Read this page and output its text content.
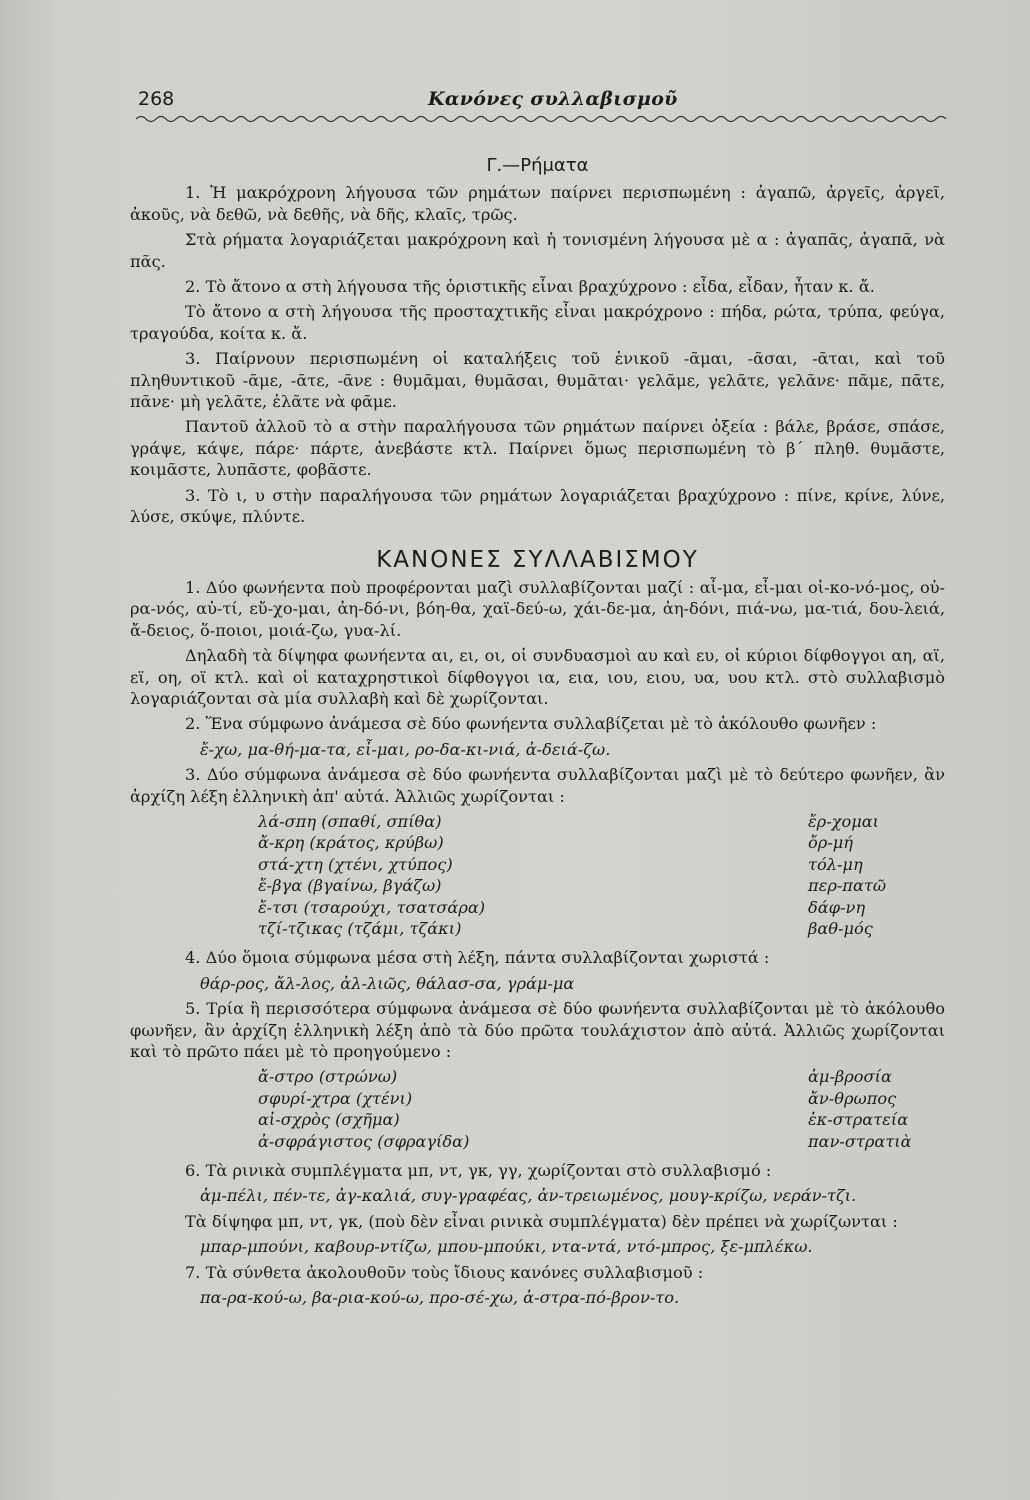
268	Κανόνες συλλαβισμοῦ
Γ.—Ρήματα

1. Ἡ μακρόχρονη λήγουσα τῶν ρημάτων παίρνει περισπωμένη : ἀγαπῶ, ἀργεῖς, ἀργεῖ, ἀκοῦς, νὰ δεθῶ, νὰ δεθῆς, νὰ δῆς, κλαῖς, τρῶς.

Στὰ ρήματα λογαριάζεται μακρόχρονη καὶ ἡ τονισμένη λήγουσα μὲ α : ἀγαπᾶς, ἀγαπᾶ, νὰ πᾶς.

2. Τὸ ἄτονο α στὴ λήγουσα τῆς ὁριστικῆς εἶναι βραχύχρονο : εἶδα, εἶδαν, ἦταν κ. ἄ.

Τὸ ἄτονο α στὴ λήγουσα τῆς προσταχτικῆς εἶναι μακρόχρονο : πήδα, ρώτα, τρύπα, φεύγα, τραγούδα, κοίτα κ. ἄ.

3. Παίρνουν περισπωμένη οἱ καταλήξεις τοῦ ἑνικοῦ -ᾶμαι, -ᾶσαι, -ᾶται, καὶ τοῦ πληθυντικοῦ -ᾶμε, -ᾶτε, -ᾶνε : θυμᾶμαι, θυμᾶσαι, θυμᾶται· γελᾶμε, γελᾶτε, γελᾶνε· πᾶμε, πᾶτε, πᾶνε· μὴ γελᾶτε, ἐλᾶτε νὰ φᾶμε.

Παντοῦ ἀλλοῦ τὸ α στὴν παραλήγουσα τῶν ρημάτων παίρνει ὀξεία : βάλε, βράσε, σπάσε, γράψε, κάψε, πάρε· πάρτε, ἀνεβάστε κτλ. Παίρνει ὅμως περισπωμένη τὸ β΄ πληθ. θυμᾶστε, κοιμᾶστε, λυπᾶστε, φοβᾶστε.

3. Τὸ ι, υ στὴν παραλήγουσα τῶν ρημάτων λογαριάζεται βραχύχρονο : πίνε, κρίνε, λύνε, λύσε, σκύψε, πλύντε.

ΚΑΝΟΝΕΣ ΣΥΛΛΑΒΙΣΜΟΥ

1. Δύο φωνήεντα ποὺ προφέρονται μαζὶ συλλαβίζονται μαζί : αἶ-μα, εἶ-μαι οἰ-κο-νό-μος, οὐ-ρα-νός, αὐ-τί, εὔ-χο-μαι, ἀη-δό-νι, βόη-θα, χαϊ-δεύ-ω, χάι-δε-μα, ἀη-δόνι, πιά-νω, μα-τιά, δου-λειά, ἄ-δειος, ὅ-ποιοι, μοιά-ζω, γυα-λί.

Δηλαδὴ τὰ δίψηφα φωνήεντα αι, ει, οι, οἱ συνδυασμοὶ αυ καὶ ευ, οἱ κύριοι δίφθογγοι αη, αϊ, εϊ, οη, οϊ κτλ. καὶ οἱ καταχρηστικοὶ δίφθογγοι ια, εια, ιου, ειου, υα, υου κτλ. στὸ συλλαβισμὸ λογαριάζονται σὰ μία συλλαβὴ καὶ δὲ χωρίζονται.

2. Ἕνα σύμφωνο ἀνάμεσα σὲ δύο φωνήεντα συλλαβίζεται μὲ τὸ ἀκόλουθο φωνῆεν :

ἔ-χω, μα-θή-μα-τα, εἶ-μαι, ρο-δα-κι-νιά, ἀ-δειά-ζω.

3. Δύο σύμφωνα ἀνάμεσα σὲ δύο φωνήεντα συλλαβίζονται μαζὶ μὲ τὸ δεύτερο φωνῆεν, ἂν ἀρχίζη λέξη ἑλληνικὴ ἀπ' αὐτά. Ἀλλιῶς χωρίζονται :

λά-σπη (σπαθί, σπίθα)	ἔρ-χομαι
ἄ-κρη (κράτος, κρύβω)	ὄρ-μή
στά-χτη (χτένι, χτύπος)	τόλ-μη
ἔ-βγα (βγαίνω, βγάζω)	περ-πατῶ
ἔ-τσι (τσαρούχι, τσατσάρα)	δάφ-νη
τζί-τζικας (τζάμι, τζάκι)	βαθ-μός

4. Δύο ὅμοια σύμφωνα μέσα στὴ λέξη, πάντα συλλαβίζονται χωριστά :

θάρ-ρος, ἄλ-λος, ἀλ-λιῶς, θάλασ-σα, γράμ-μα

5. Τρία ἢ περισσότερα σύμφωνα ἀνάμεσα σὲ δύο φωνήεντα συλλαβίζονται μὲ τὸ ἀκόλουθο φωνῆεν, ἂν ἀρχίζη ἑλληνικὴ λέξη ἀπὸ τὰ δύο πρῶτα τουλάχιστον ἀπὸ αὐτά. Ἀλλιῶς χωρίζονται καὶ τὸ πρῶτο πάει μὲ τὸ προηγούμενο :

ἄ-στρο (στρώνω)	ἀμ-βροσία
σφυρί-χτρα (χτένι)	ἄν-θρωπος
αἰ-σχρὸς (σχῆμα)	ἐκ-στρατεία
ἀ-σφράγιστος (σφραγίδα)	παν-στρατιὰ

6. Τὰ ρινικὰ συμπλέγματα μπ, ντ, γκ, γγ, χωρίζονται στὸ συλλαβισμό :

ἀμ-πέλι, πέν-τε, ἀγ-καλιά, συγ-γραφέας, ἀν-τρειωμένος, μουγ-κρίζω, νεράν-τζι.

Τὰ δίψηφα μπ, ντ, γκ, (ποὺ δὲν εἶναι ρινικὰ συμπλέγματα) δὲν πρέπει νὰ χωρίζωνται :

μπαρ-μπούνι, καβουρ-ντίζω, μπου-μπούκι, ντα-ντά, ντό-μπρος, ξε-μπλέκω.

7. Τὰ σύνθετα ἀκολουθοῦν τοὺς ἴδιους κανόνες συλλαβισμοῦ :

πα-ρα-κού-ω, βα-ρια-κού-ω, προ-σέ-χω, ἀ-στρα-πό-βρον-το.
